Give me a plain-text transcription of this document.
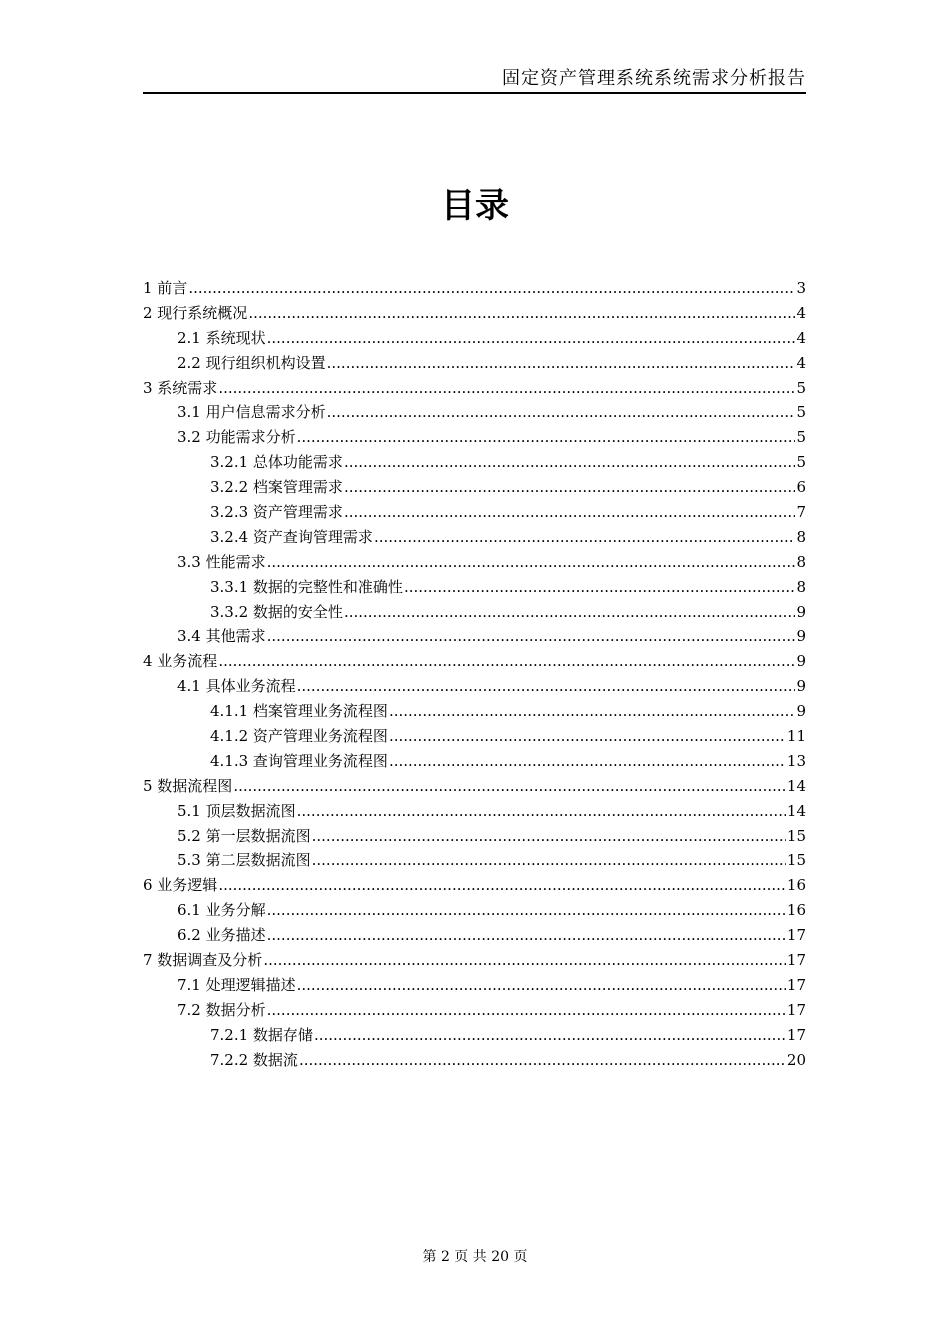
固定资产管理系统系统需求分析报告
目录
1 前言 .....	3
2 现行系统概况 .....	4
2.1 系统现状 .....	4
2.2 现行组织机构设置 .....	4
3 系统需求 .....	5
3.1 用户信息需求分析 .....	5
3.2 功能需求分析 .....	5
3.2.1 总体功能需求 .....	5
3.2.2 档案管理需求 .....	6
3.2.3 资产管理需求 .....	7
3.2.4 资产查询管理需求 .....	8
3.3 性能需求 .....	8
3.3.1 数据的完整性和准确性 .....	8
3.3.2 数据的安全性 .....	9
3.4 其他需求 .....	9
4 业务流程 .....	9
4.1 具体业务流程 .....	9
4.1.1 档案管理业务流程图 .....	9
4.1.2 资产管理业务流程图 .....	11
4.1.3 查询管理业务流程图 .....	13
5 数据流程图 .....	14
5.1 顶层数据流图 .....	14
5.2 第一层数据流图 .....	15
5.3 第二层数据流图 .....	15
6 业务逻辑 .....	16
6.1 业务分解 .....	16
6.2 业务描述 .....	17
7 数据调查及分析 .....	17
7.1 处理逻辑描述 .....	17
7.2 数据分析 .....	17
7.2.1 数据存储 .....	17
7.2.2 数据流 .....	20
第 2 页 共 20 页
